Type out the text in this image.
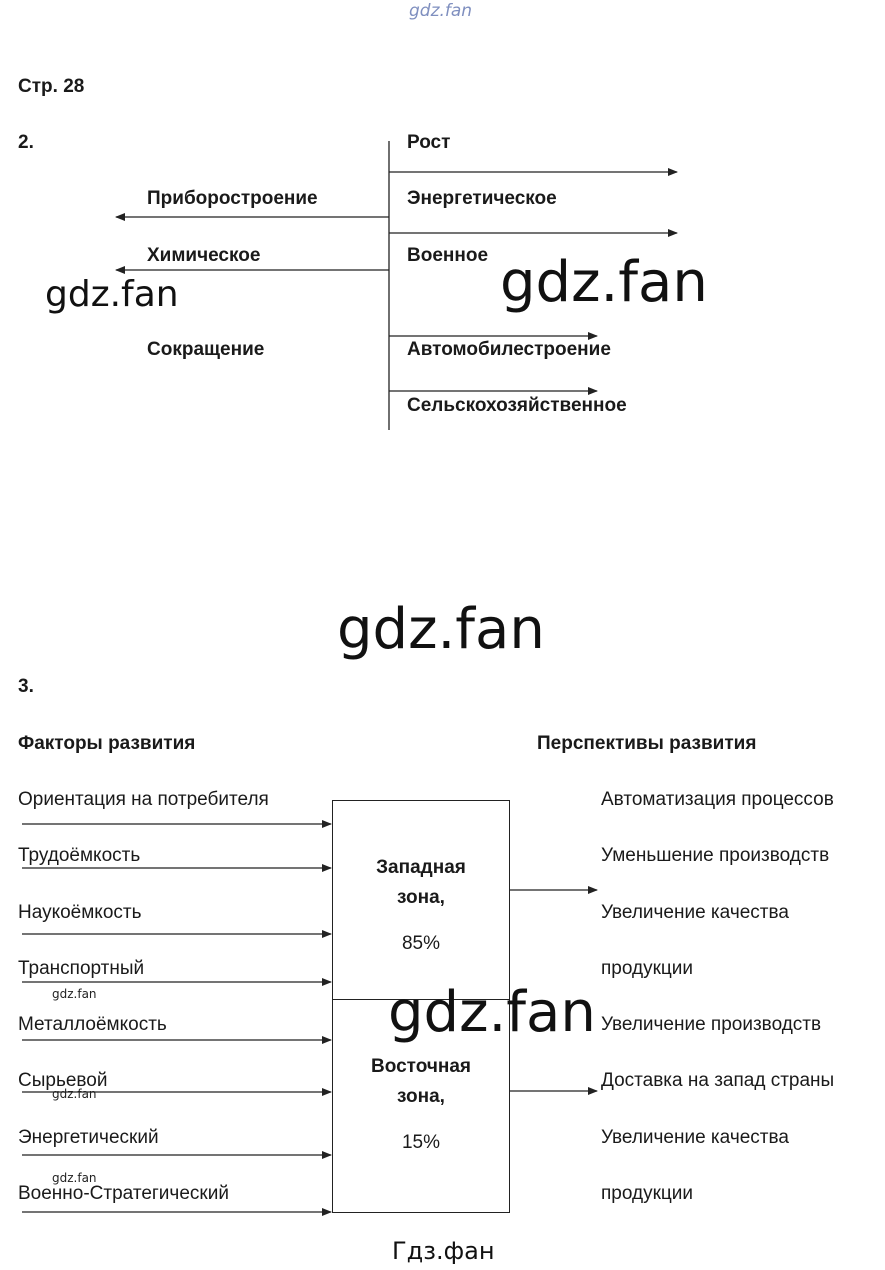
gdz.fan
Стр. 28
2.	Рост
Приборостроение	Энергетическое
Химическое	Военное
gdz.fan	gdz.fan
Сокращение	Автомобилестроение
Сельскохозяйственное
gdz.fan
3.
Факторы развития	Перспективы развития
Ориентация на потребителя
Трудоёмкость
Наукоёмкость
Транспортный
Металлоёмкость
Сырьевой
Энергетический
Военно-Стратегический
gdz.fan
gdz.fan
gdz.fan
Западная
зона,
85%
Восточная
зона,
15%
Автоматизация процессов
Уменьшение производств
Увеличение качества
продукции
Увеличение производств
Доставка на запад страны
Увеличение качества
продукции
gdz.fan
Гдз.фан
